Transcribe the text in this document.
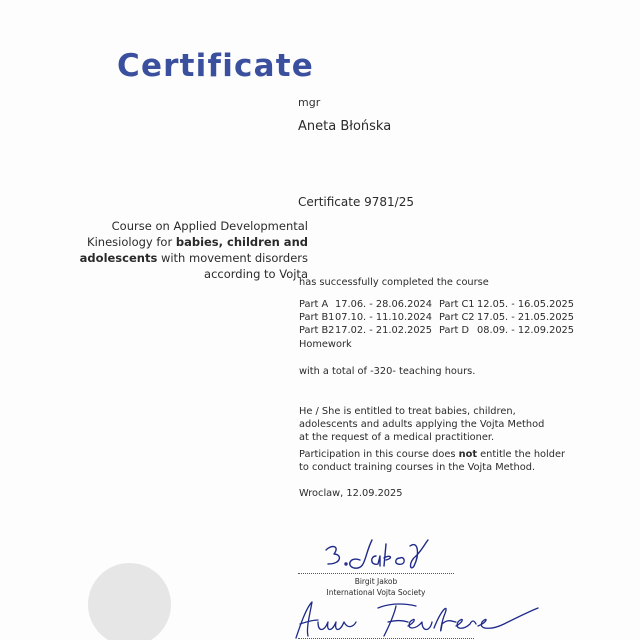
Certificate
mgr
Aneta Błońska
Certificate 9781/25
Course on Applied Developmental
Kinesiology for babies, children and
adolescents with movement disorders
according to Vojta
has successfully completed the course
Part A 17.06. - 28.06.2024 Part C1 12.05. - 16.05.2025
Part B1 07.10. - 11.10.2024 Part C2 17.05. - 21.05.2025
Part B2 17.02. - 21.02.2025 Part D 08.09. - 12.09.2025
Homework
with a total of -320- teaching hours.
He / She is entitled to treat babies, children,
adolescents and adults applying the Vojta Method
at the request of a medical practitioner.
Participation in this course does not entitle the holder
to conduct training courses in the Vojta Method.
Wroclaw, 12.09.2025
Birgit Jakob
International Vojta Society
